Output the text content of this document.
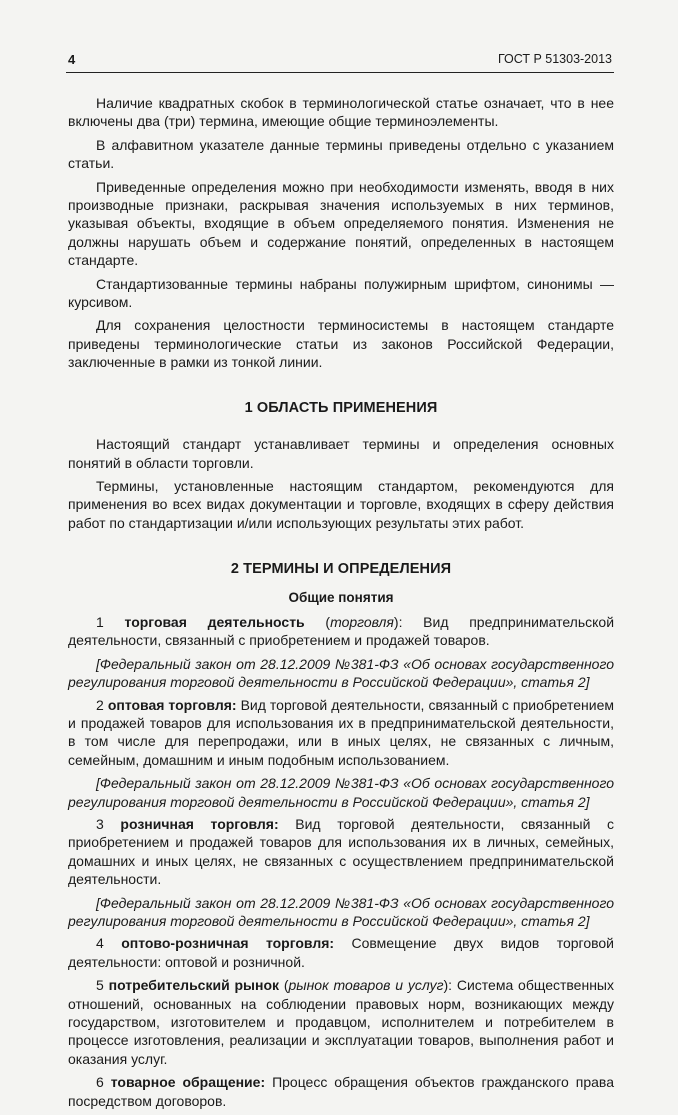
4	ГОСТ Р 51303-2013

Наличие квадратных скобок в терминологической статье означает, что в нее включены два (три) термина, имеющие общие терминоэлементы.

В алфавитном указателе данные термины приведены отдельно с указанием статьи.

Приведенные определения можно при необходимости изменять, вводя в них производные признаки, раскрывая значения используемых в них терминов, указывая объекты, входящие в объем определяемого понятия. Изменения не должны нарушать объем и содержание понятий, определенных в настоящем стандарте.

Стандартизованные термины набраны полужирным шрифтом, синонимы — курсивом.

Для сохранения целостности терминосистемы в настоящем стандарте приведены терминологические статьи из законов Российской Федерации, заключенные в рамки из тонкой линии.

1 ОБЛАСТЬ ПРИМЕНЕНИЯ

Настоящий стандарт устанавливает термины и определения основных понятий в области торговли.

Термины, установленные настоящим стандартом, рекомендуются для применения во всех видах документации и торговле, входящих в сферу действия работ по стандартизации и/или использующих результаты этих работ.

2 ТЕРМИНЫ И ОПРЕДЕЛЕНИЯ
Общие понятия

1 торговая деятельность (торговля): Вид предпринимательской деятельности, связанный с приобретением и продажей товаров.

[Федеральный закон от 28.12.2009 №381-ФЗ «Об основах государственного регулирования торговой деятельности в Российской Федерации», статья 2]

2 оптовая торговля: Вид торговой деятельности, связанный с приобретением и продажей товаров для использования их в предпринимательской деятельности, в том числе для перепродажи, или в иных целях, не связанных с личным, семейным, домашним и иным подобным использованием.

[Федеральный закон от 28.12.2009 №381-ФЗ «Об основах государственного регулирования торговой деятельности в Российской Федерации», статья 2]

3 розничная торговля: Вид торговой деятельности, связанный с приобретением и продажей товаров для использования их в личных, семейных, домашних и иных целях, не связанных с осуществлением предпринимательской деятельности.

[Федеральный закон от 28.12.2009 №381-ФЗ «Об основах государственного регулирования торговой деятельности в Российской Федерации», статья 2]

4 оптово-розничная торговля: Совмещение двух видов торговой деятельности: оптовой и розничной.

5 потребительский рынок (рынок товаров и услуг): Система общественных отношений, основанных на соблюдении правовых норм, возникающих между государством, изготовителем и продавцом, исполнителем и потребителем в процессе изготовления, реализации и эксплуатации товаров, выполнения работ и оказания услуг.

6 товарное обращение: Процесс обращения объектов гражданского права посредством договоров.
